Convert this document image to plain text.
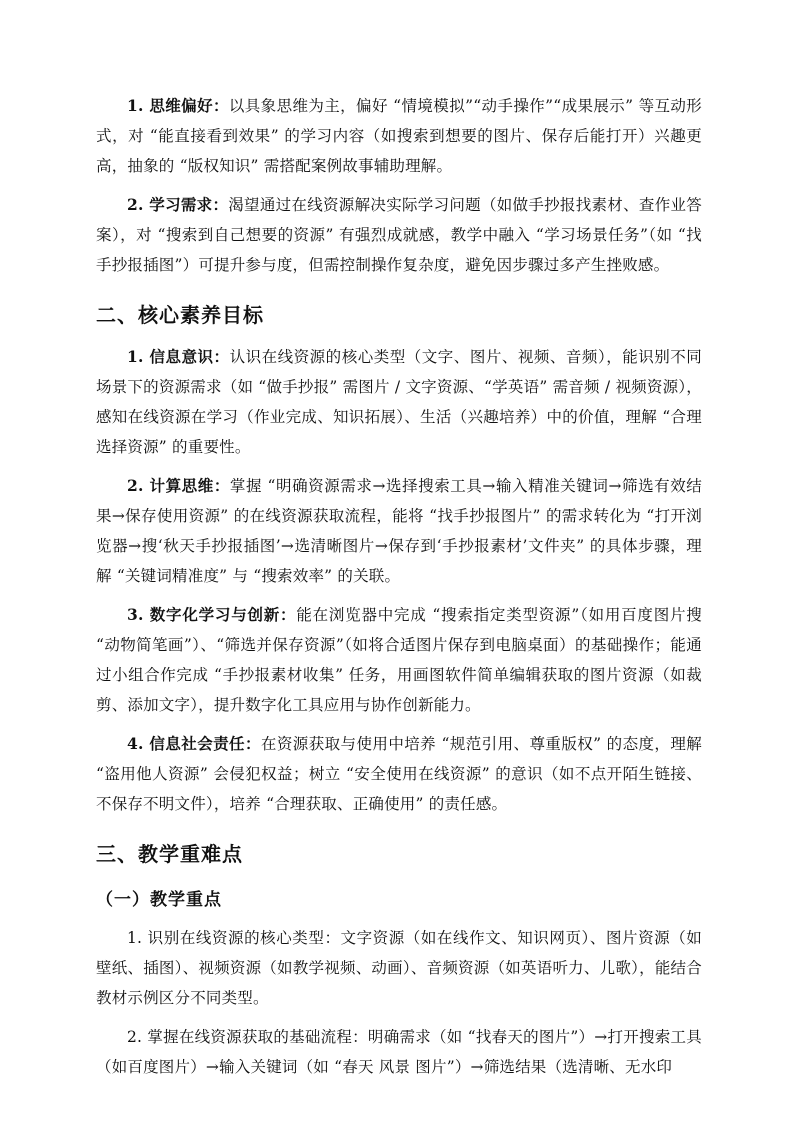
1. 思维偏好：以具象思维为主，偏好 “情境模拟”“动手操作”“成果展示” 等互动形式，对 “能直接看到效果” 的学习内容（如搜索到想要的图片、保存后能打开）兴趣更高，抽象的 “版权知识” 需搭配案例故事辅助理解。

2. 学习需求：渴望通过在线资源解决实际学习问题（如做手抄报找素材、查作业答案），对 “搜索到自己想要的资源” 有强烈成就感，教学中融入 “学习场景任务”（如 “找手抄报插图”）可提升参与度，但需控制操作复杂度，避免因步骤过多产生挫败感。

二、核心素养目标

1. 信息意识：认识在线资源的核心类型（文字、图片、视频、音频），能识别不同场景下的资源需求（如 “做手抄报” 需图片 / 文字资源、“学英语” 需音频 / 视频资源），感知在线资源在学习（作业完成、知识拓展）、生活（兴趣培养）中的价值，理解 “合理选择资源” 的重要性。

2. 计算思维：掌握 “明确资源需求→选择搜索工具→输入精准关键词→筛选有效结果→保存使用资源” 的在线资源获取流程，能将 “找手抄报图片” 的需求转化为 “打开浏览器→搜‘秋天手抄报插图’→选清晰图片→保存到‘手抄报素材’文件夹” 的具体步骤，理解 “关键词精准度” 与 “搜索效率” 的关联。

3. 数字化学习与创新：能在浏览器中完成 “搜索指定类型资源”（如用百度图片搜 “动物简笔画”）、“筛选并保存资源”（如将合适图片保存到电脑桌面）的基础操作；能通过小组合作完成 “手抄报素材收集” 任务，用画图软件简单编辑获取的图片资源（如裁剪、添加文字），提升数字化工具应用与协作创新能力。

4. 信息社会责任：在资源获取与使用中培养 “规范引用、尊重版权” 的态度，理解 “盗用他人资源” 会侵犯权益；树立 “安全使用在线资源” 的意识（如不点开陌生链接、不保存不明文件），培养 “合理获取、正确使用” 的责任感。

三、教学重难点
（一）教学重点

1. 识别在线资源的核心类型：文字资源（如在线作文、知识网页）、图片资源（如壁纸、插图）、视频资源（如教学视频、动画）、音频资源（如英语听力、儿歌），能结合教材示例区分不同类型。

2. 掌握在线资源获取的基础流程：明确需求（如 “找春天的图片”）→打开搜索工具（如百度图片）→输入关键词（如 “春天 风景 图片”）→筛选结果（选清晰、无水印
